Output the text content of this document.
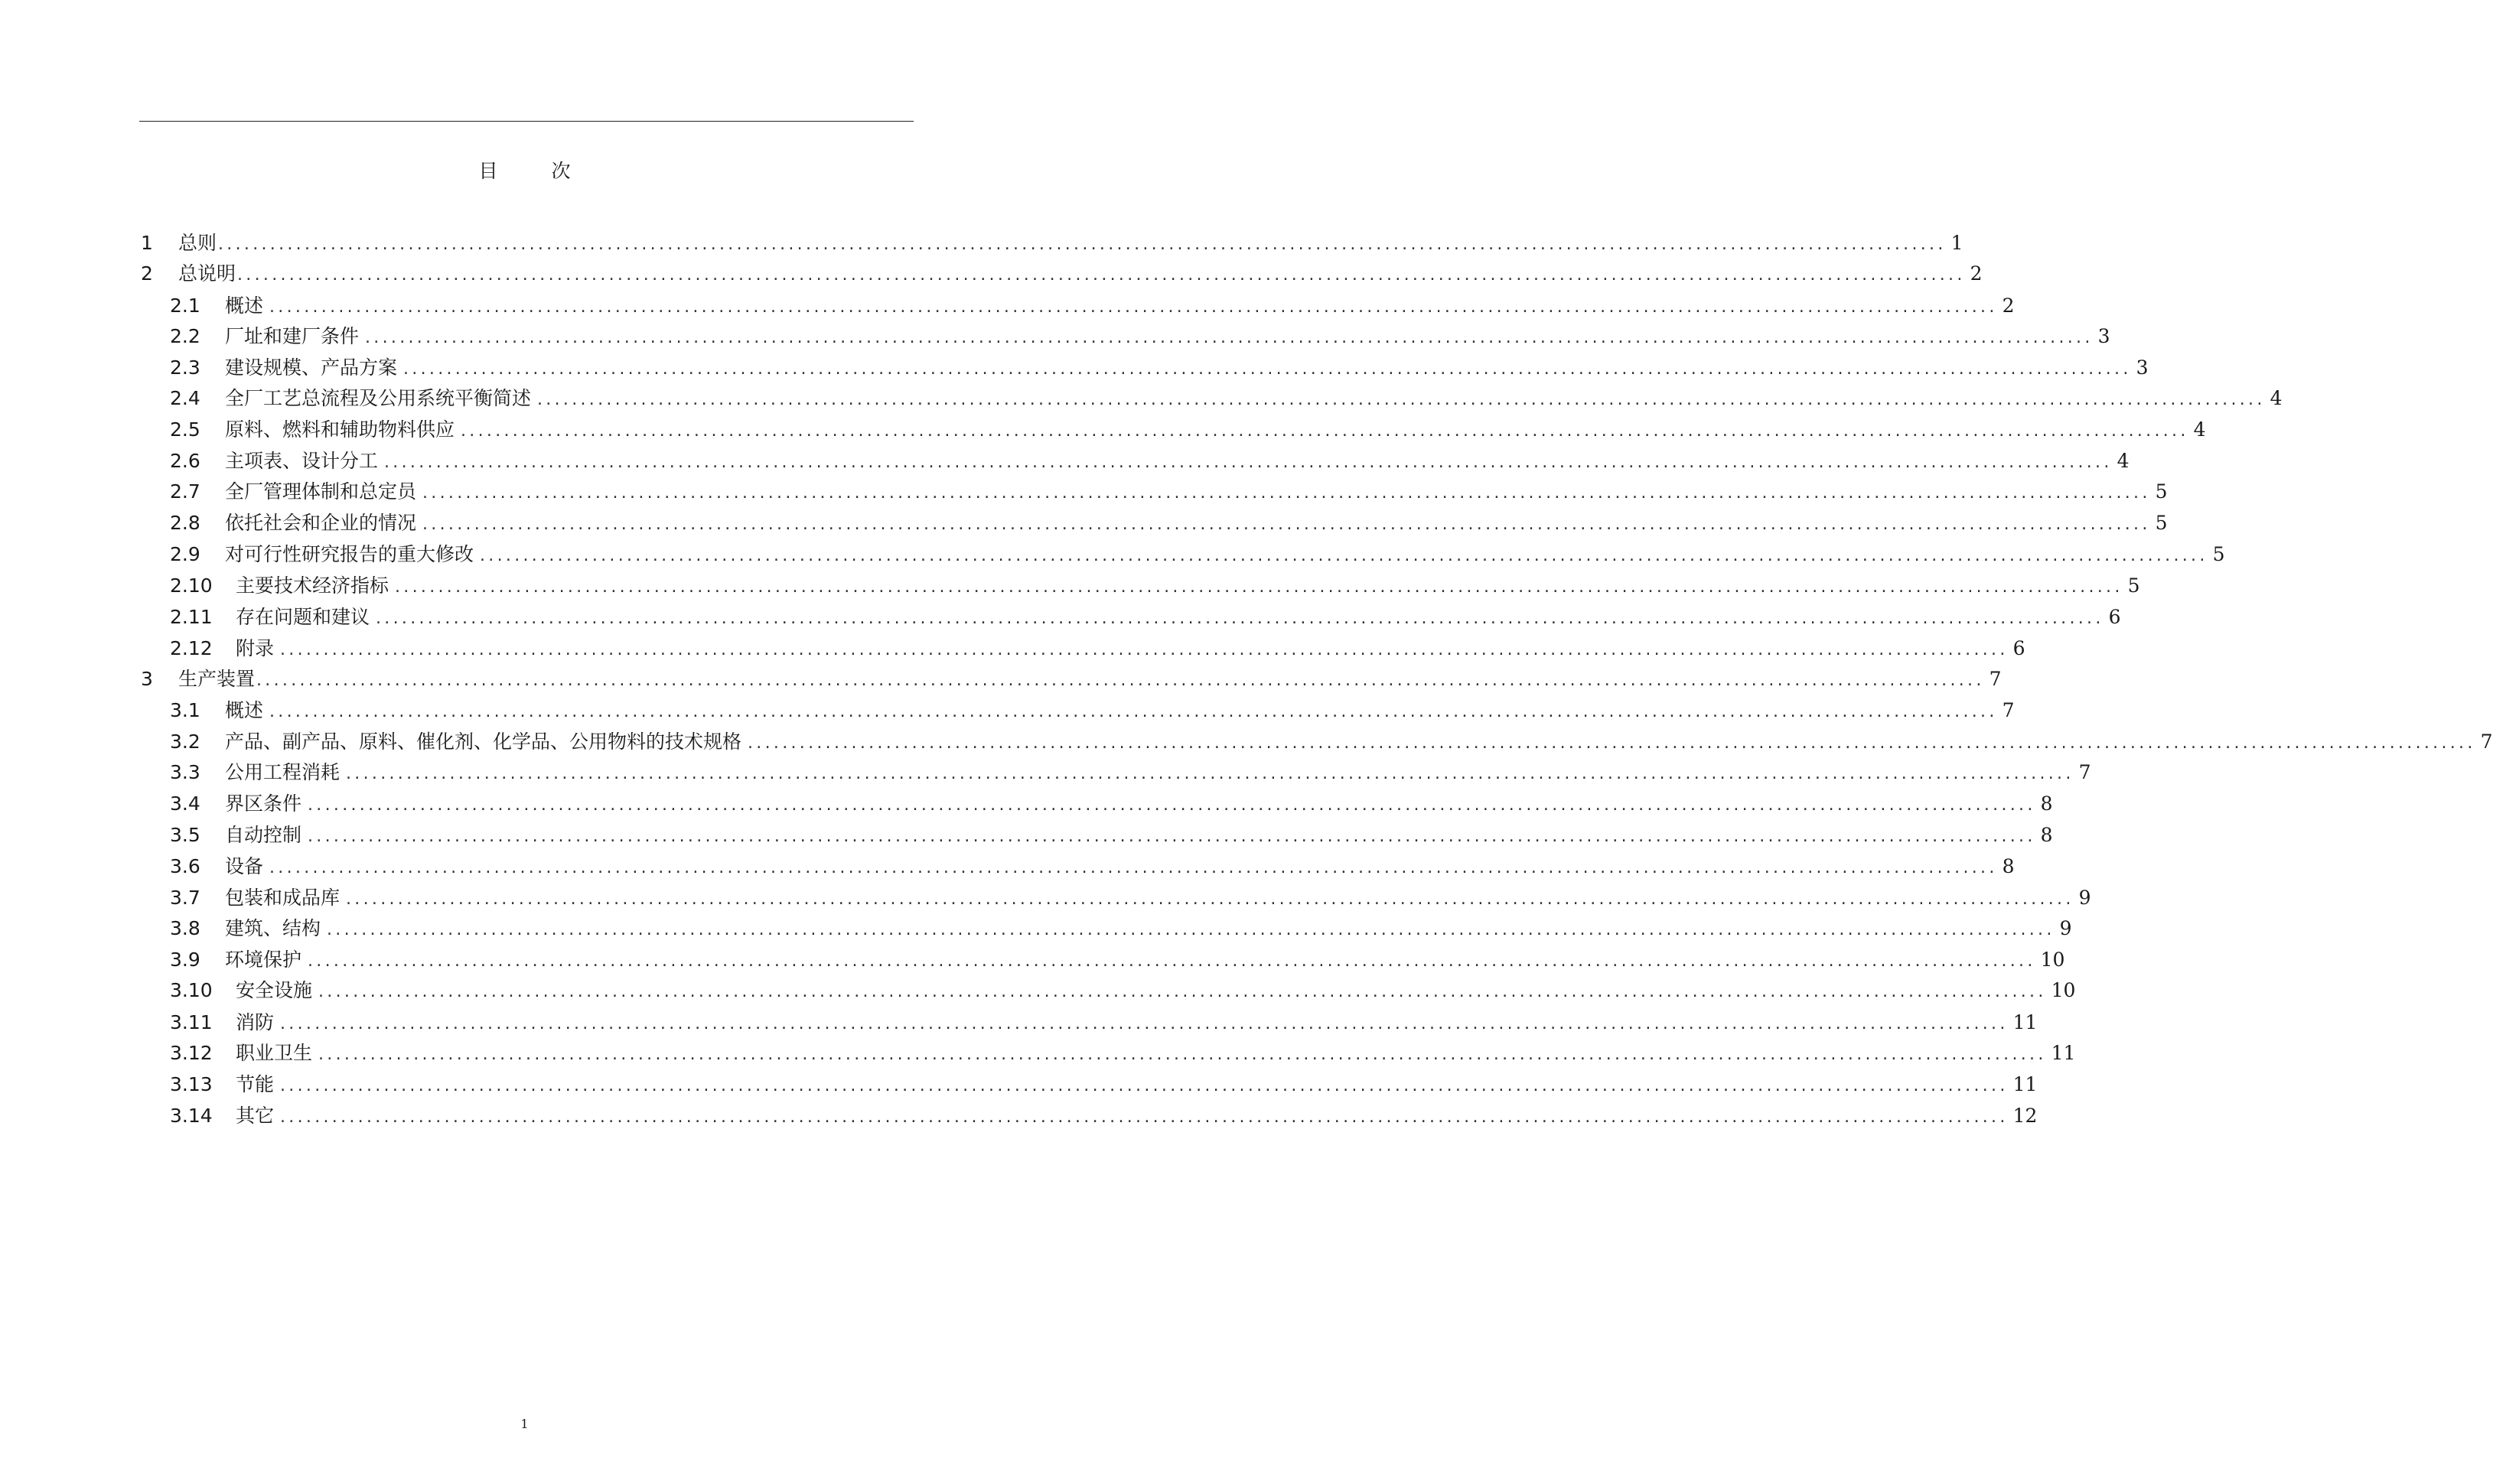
目	次
1	总则 ........................................................................................................................................................................................................ 1
2	总说明 ........................................................................................................................................................................................................ 2
2.1	概述 ........................................................................................................................................................................................................ 2
2.2	厂址和建厂条件 ........................................................................................................................................................................................................ 3
2.3	建设规模、产品方案 ........................................................................................................................................................................................................ 3
2.4	全厂工艺总流程及公用系统平衡简述 ........................................................................................................................................................................................................ 4
2.5	原料、燃料和辅助物料供应 ........................................................................................................................................................................................................ 4
2.6	主项表、设计分工 ........................................................................................................................................................................................................ 4
2.7	全厂管理体制和总定员 ........................................................................................................................................................................................................ 5
2.8	依托社会和企业的情况 ........................................................................................................................................................................................................ 5
2.9	对可行性研究报告的重大修改 ........................................................................................................................................................................................................ 5
2.10	主要技术经济指标 ........................................................................................................................................................................................................ 5
2.11	存在问题和建议 ........................................................................................................................................................................................................ 6
2.12	附录 ........................................................................................................................................................................................................ 6
3	生产装置 ........................................................................................................................................................................................................ 7
3.1	概述 ........................................................................................................................................................................................................ 7
3.2	产品、副产品、原料、催化剂、化学品、公用物料的技术规格 ........................................................................................................................................................................................................ 7
3.3	公用工程消耗 ........................................................................................................................................................................................................ 7
3.4	界区条件 ........................................................................................................................................................................................................ 8
3.5	自动控制 ........................................................................................................................................................................................................ 8
3.6	设备 ........................................................................................................................................................................................................ 8
3.7	包装和成品库 ........................................................................................................................................................................................................ 9
3.8	建筑、结构 ........................................................................................................................................................................................................ 9
3.9	环境保护 ........................................................................................................................................................................................................ 10
3.10	安全设施 ........................................................................................................................................................................................................ 10
3.11	消防 ........................................................................................................................................................................................................ 11
3.12	职业卫生 ........................................................................................................................................................................................................ 11
3.13	节能 ........................................................................................................................................................................................................ 11
3.14	其它 ........................................................................................................................................................................................................ 12
1
